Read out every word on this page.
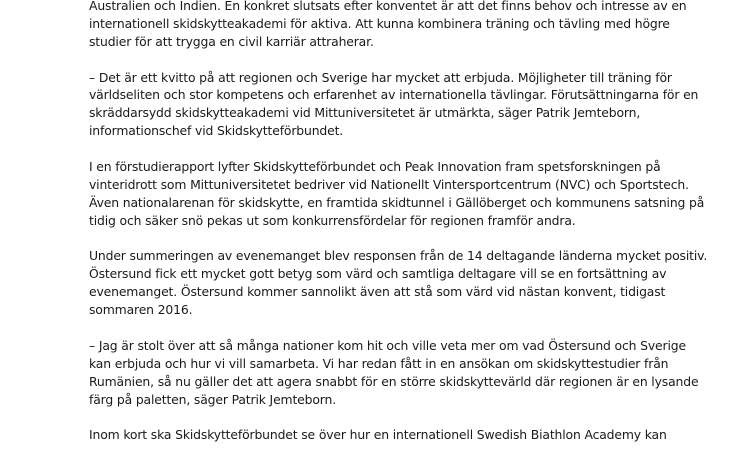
Australien och Indien. En konkret slutsats efter konventet är att det finns behov och intresse av en
internationell skidskytteakademi för aktiva. Att kunna kombinera träning och tävling med högre
studier för att trygga en civil karriär attraherar.

– Det är ett kvitto på att regionen och Sverige har mycket att erbjuda. Möjligheter till träning för
världseliten och stor kompetens och erfarenhet av internationella tävlingar. Förutsättningarna för en
skräddarsydd skidskytteakademi vid Mittuniversitetet är utmärkta, säger Patrik Jemteborn,
informationschef vid Skidskytteförbundet.

I en förstudierapport lyfter Skidskytteförbundet och Peak Innovation fram spetsforskningen på
vinteridrott som Mittuniversitetet bedriver vid Nationellt Vintersportcentrum (NVC) och Sportstech.
Även nationalarenan för skidskytte, en framtida skidtunnel i Gällöberget och kommunens satsning på
tidig och säker snö pekas ut som konkurrensfördelar för regionen framför andra.

Under summeringen av evenemanget blev responsen från de 14 deltagande länderna mycket positiv.
Östersund fick ett mycket gott betyg som värd och samtliga deltagare vill se en fortsättning av
evenemanget. Östersund kommer sannolikt även att stå som värd vid nästan konvent, tidigast
sommaren 2016.

– Jag är stolt över att så många nationer kom hit och ville veta mer om vad Östersund och Sverige
kan erbjuda och hur vi vill samarbeta. Vi har redan fått in en ansökan om skidskyttestudier från
Rumänien, så nu gäller det att agera snabbt för en större skidskyttevärld där regionen är en lysande
färg på paletten, säger Patrik Jemteborn.

Inom kort ska Skidskytteförbundet se över hur en internationell Swedish Biathlon Academy kan
